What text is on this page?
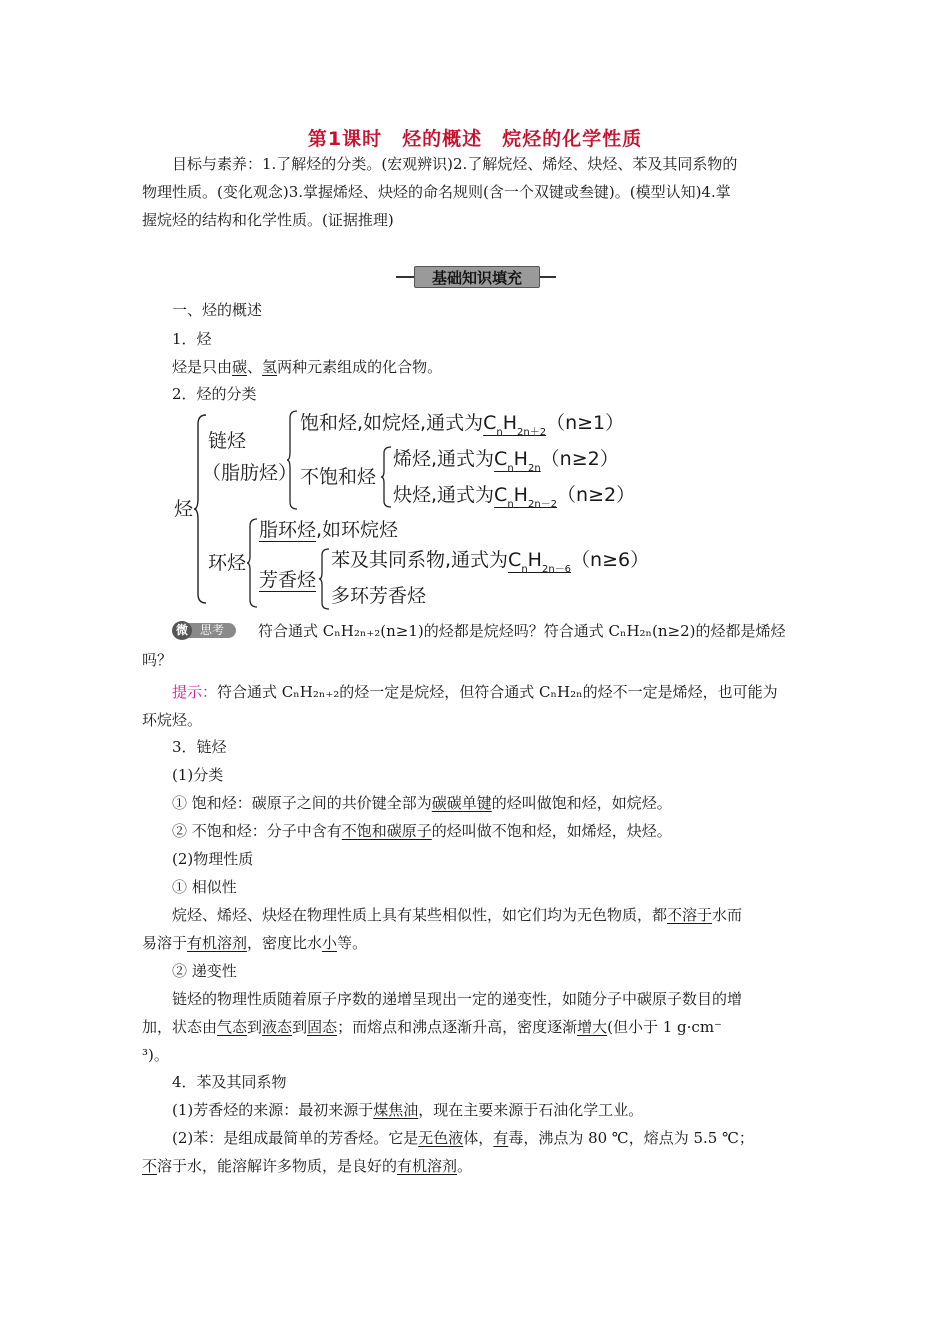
第1课时　烃的概述　烷烃的化学性质
目标与素养：1.了解烃的分类。(宏观辨识)2.了解烷烃、烯烃、炔烃、苯及其同系物的
物理性质。(变化观念)3.掌握烯烃、炔烃的命名规则(含一个双键或叁键)。(模型认知)4.掌
握烷烃的结构和化学性质。(证据推理)
基础知识填充
一、烃的概述
1．烃
烃是只由碳、氢两种元素组成的化合物。
2．烃的分类
烃
链烃
（脂肪烃）
饱和烃,如烷烃,通式为$C_nH_{2n+2}(n\ge 1)$
不饱和烃
烯烃,通式为$C_nH_{2n}(n\ge 2)$
炔烃,通式为$C_nH_{2n-2}(n\ge 2)$
环烃
脂环烃,如环烷烃
芳香烃
苯及其同系物,通式为$C_nH_{2n-6}(n\ge 6)$
多环芳香烃
思考
微	符合通式 CₙH₂ₙ₊₂(n≥1)的烃都是烷烃吗？符合通式 CₙH₂ₙ(n≥2)的烃都是烯烃
吗？
提示：符合通式 CₙH₂ₙ₊₂的烃一定是烷烃，但符合通式 CₙH₂ₙ的烃不一定是烯烃，也可能为
环烷烃。
3．链烃
(1)分类
① 饱和烃：碳原子之间的共价键全部为碳碳单键的烃叫做饱和烃，如烷烃。
② 不饱和烃：分子中含有不饱和碳原子的烃叫做不饱和烃，如烯烃，炔烃。
(2)物理性质
① 相似性
烷烃、烯烃、炔烃在物理性质上具有某些相似性，如它们均为无色物质，都不溶于水而
易溶于有机溶剂，密度比水小等。
② 递变性
链烃的物理性质随着原子序数的递增呈现出一定的递变性，如随分子中碳原子数目的增
加，状态由气态到液态到固态；而熔点和沸点逐渐升高，密度逐渐增大(但小于 1 g·cm⁻
³)。
4．苯及其同系物
(1)芳香烃的来源：最初来源于煤焦油，现在主要来源于石油化学工业。
(2)苯：是组成最简单的芳香烃。它是无色液体，有毒，沸点为 80 ℃，熔点为 5.5 ℃；
不溶于水，能溶解许多物质，是良好的有机溶剂。
